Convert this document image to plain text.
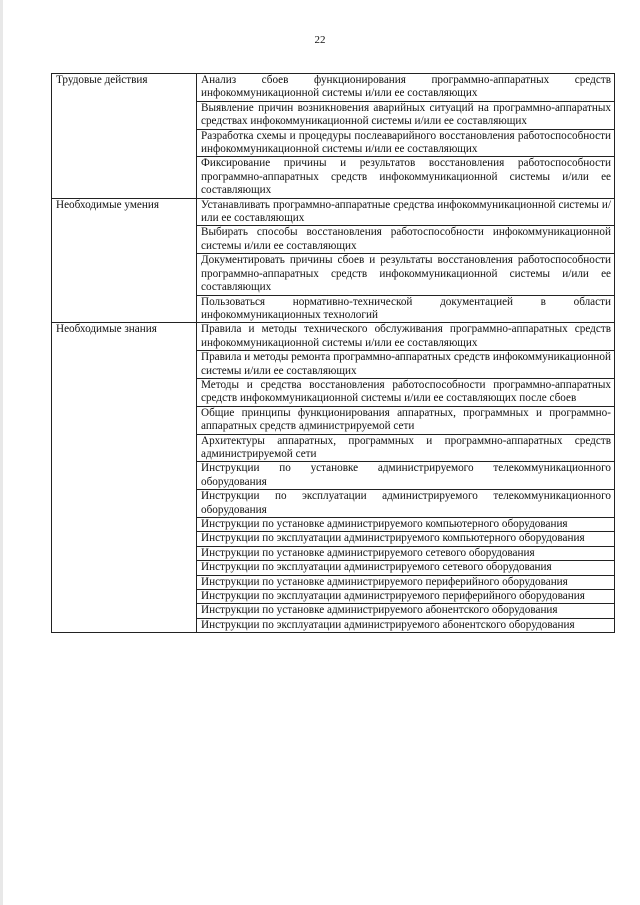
22
Трудовые действия	Анализ сбоев функционирования программно-аппаратных средств инфокоммуникационной системы и/или ее составляющих
	Выявление причин возникновения аварийных ситуаций на программно-аппаратных средствах инфокоммуникационной системы и/или ее составляющих
	Разработка схемы и процедуры послеаварийного восстановления работоспособности инфокоммуникационной системы и/или ее составляющих
	Фиксирование причины и результатов восстановления работоспособности программно-аппаратных средств инфокоммуникационной системы и/или ее составляющих
Необходимые умения	Устанавливать программно-аппаратные средства инфокоммуникационной системы и/или ее составляющих
	Выбирать способы восстановления работоспособности инфокоммуникационной системы и/или ее составляющих
	Документировать причины сбоев и результаты восстановления работоспособности программно-аппаратных средств инфокоммуникационной системы и/или ее составляющих
	Пользоваться нормативно-технической документацией в области инфокоммуникационных технологий
Необходимые знания	Правила и методы технического обслуживания программно-аппаратных средств инфокоммуникационной системы и/или ее составляющих
	Правила и методы ремонта программно-аппаратных средств инфокоммуникационной системы и/или ее составляющих
	Методы и средства восстановления работоспособности программно-аппаратных средств инфокоммуникационной системы и/или ее составляющих после сбоев
	Общие принципы функционирования аппаратных, программных и программно-аппаратных средств администрируемой сети
	Архитектуры аппаратных, программных и программно-аппаратных средств администрируемой сети
	Инструкции по установке администрируемого телекоммуникационного оборудования
	Инструкции по эксплуатации администрируемого телекоммуникационного оборудования
	Инструкции по установке администрируемого компьютерного оборудования
	Инструкции по эксплуатации администрируемого компьютерного оборудования
	Инструкции по установке администрируемого сетевого оборудования
	Инструкции по эксплуатации администрируемого сетевого оборудования
	Инструкции по установке администрируемого периферийного оборудования
	Инструкции по эксплуатации администрируемого периферийного оборудования
	Инструкции по установке администрируемого абонентского оборудования
	Инструкции по эксплуатации администрируемого абонентского оборудования
